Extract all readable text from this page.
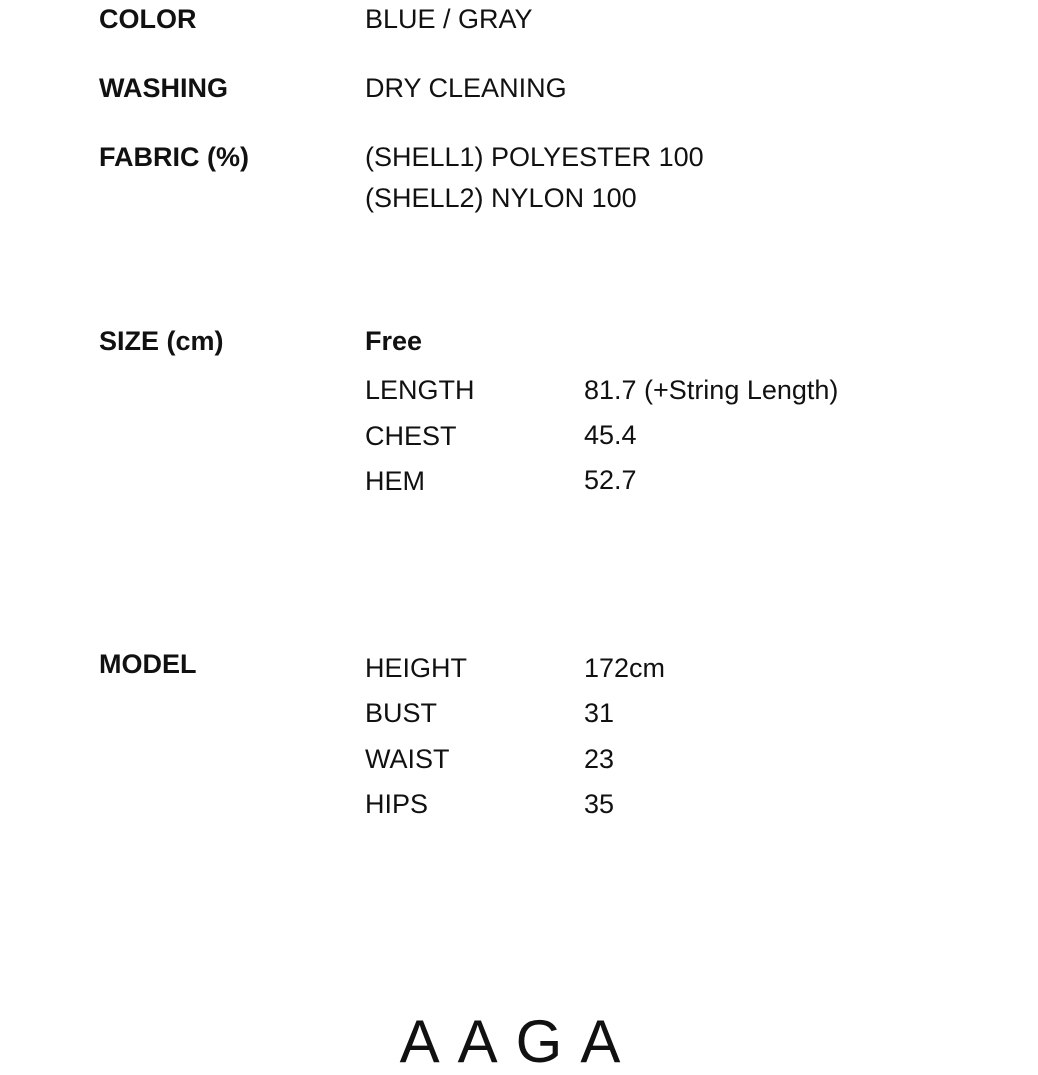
COLOR	BLUE / GRAY
WASHING	DRY CLEANING
FABRIC (%)	(SHELL1) POLYESTER 100
(SHELL2) NYLON 100
SIZE (cm)	Free
LENGTH	81.7 (+String Length)
CHEST	45.4
HEM	52.7
MODEL	HEIGHT	172cm
BUST	31
WAIST	23
HIPS	35
AAGA
